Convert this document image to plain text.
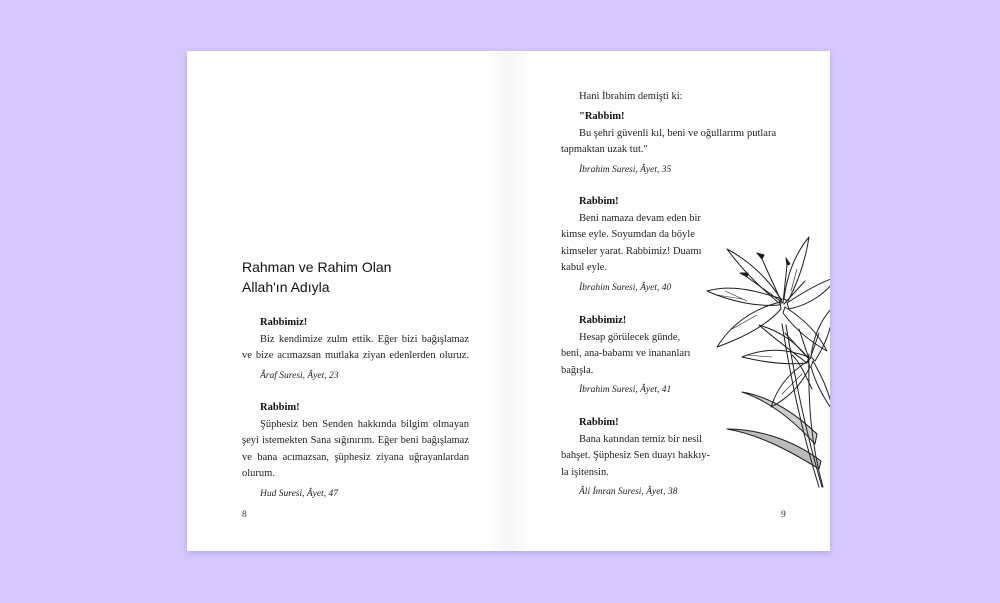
Rahman ve Rahim Olan
Allah'ın Adıyla
Rabbimiz!
Biz kendimize zulm ettik. Eğer bizi bağışlamaz
ve bize acımazsan mutlaka ziyan edenlerden oluruz.
Âraf Suresi, Âyet, 23
Rabbim!
Şüphesiz ben Senden hakkında bilgim olmayan
şeyi istemekten Sana sığınırım. Eğer beni bağışlamaz
ve bana acımazsan, şüphesiz ziyana uğrayanlardan
olurum.
Hud Suresi, Âyet, 47
8
Hani İbrahim demişti ki:
"Rabbim!
Bu şehri güvenli kıl, beni ve oğullarımı putlara
tapmaktan uzak tut."
İbrahim Suresi, Âyet, 35
Rabbim!
Beni namaza devam eden bir
kimse eyle. Soyumdan da böyle
kimseler yarat. Rabbimiz! Duamı
kabul eyle.
İbrahim Suresi, Âyet, 40
Rabbimiz!
Hesap görülecek günde,
beni, ana-babamı ve inananları
bağışla.
İbrahim Suresi, Âyet, 41
Rabbim!
Bana katından temiz bir nesil
bahşet. Şüphesiz Sen duayı hakkıy-
la işitensin.
Âli İmran Suresi, Âyet, 38
9
